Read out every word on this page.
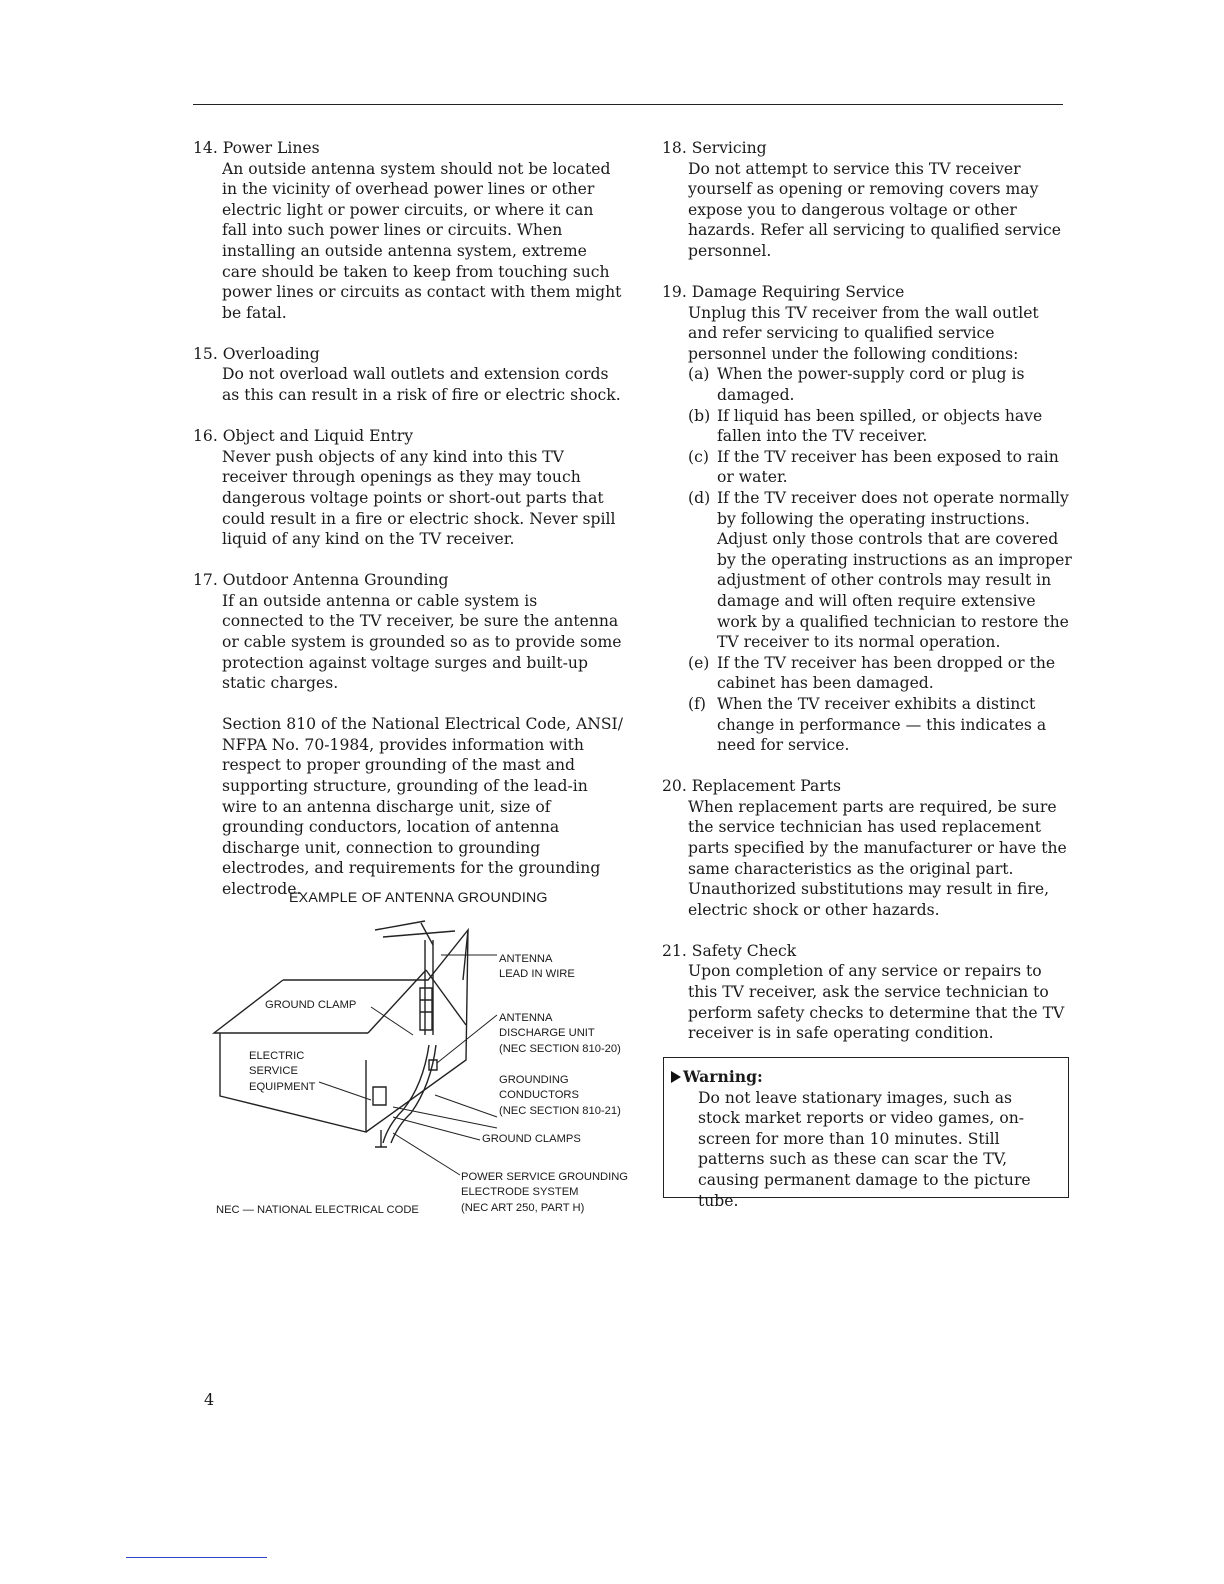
14. Power Lines

An outside antenna system should not be located in the vicinity of overhead power lines or other electric light or power circuits, or where it can fall into such power lines or circuits. When installing an outside antenna system, extreme care should be taken to keep from touching such power lines or circuits as contact with them might be fatal.

15. Overloading

Do not overload wall outlets and extension cords as this can result in a risk of fire or electric shock.

16. Object and Liquid Entry

Never push objects of any kind into this TV receiver through openings as they may touch dangerous voltage points or short-out parts that could result in a fire or electric shock. Never spill liquid of any kind on the TV receiver.

17. Outdoor Antenna Grounding

If an outside antenna or cable system is connected to the TV receiver, be sure the antenna or cable system is grounded so as to provide some protection against voltage surges and built-up static charges.

Section 810 of the National Electrical Code, ANSI/ NFPA No. 70-1984, provides information with respect to proper grounding of the mast and supporting structure, grounding of the lead-in wire to an antenna discharge unit, size of grounding conductors, location of antenna discharge unit, connection to grounding electrodes, and requirements for the grounding electrode.

EXAMPLE OF ANTENNA GROUNDING
ANTENNA
LEAD IN WIRE
GROUND CLAMP
ANTENNA
DISCHARGE UNIT
(NEC SECTION 810-20)
ELECTRIC
SERVICE
EQUIPMENT
GROUNDING
CONDUCTORS
(NEC SECTION 810-21)
GROUND CLAMPS
POWER SERVICE GROUNDING
ELECTRODE SYSTEM
(NEC ART 250, PART H)
NEC — NATIONAL ELECTRICAL CODE
18. Servicing

Do not attempt to service this TV receiver yourself as opening or removing covers may expose you to dangerous voltage or other hazards. Refer all servicing to qualified service personnel.

19. Damage Requiring Service

Unplug this TV receiver from the wall outlet and refer servicing to qualified service personnel under the following conditions:

(a) When the power-supply cord or plug is damaged.
(b) If liquid has been spilled, or objects have fallen into the TV receiver.
(c) If the TV receiver has been exposed to rain or water.
(d) If the TV receiver does not operate normally by following the operating instructions. Adjust only those controls that are covered by the operating instructions as an improper adjustment of other controls may result in damage and will often require extensive work by a qualified technician to restore the TV receiver to its normal operation.
(e) If the TV receiver has been dropped or the cabinet has been damaged.
(f) When the TV receiver exhibits a distinct change in performance — this indicates a need for service.
20. Replacement Parts

When replacement parts are required, be sure the service technician has used replacement parts specified by the manufacturer or have the same characteristics as the original part. Unauthorized substitutions may result in fire, electric shock or other hazards.

21. Safety Check

Upon completion of any service or repairs to this TV receiver, ask the service technician to perform safety checks to determine that the TV receiver is in safe operating condition.

Warning:
Do not leave stationary images, such as stock market reports or video games, on-screen for more than 10 minutes. Still patterns such as these can scar the TV, causing permanent damage to the picture tube.
4
